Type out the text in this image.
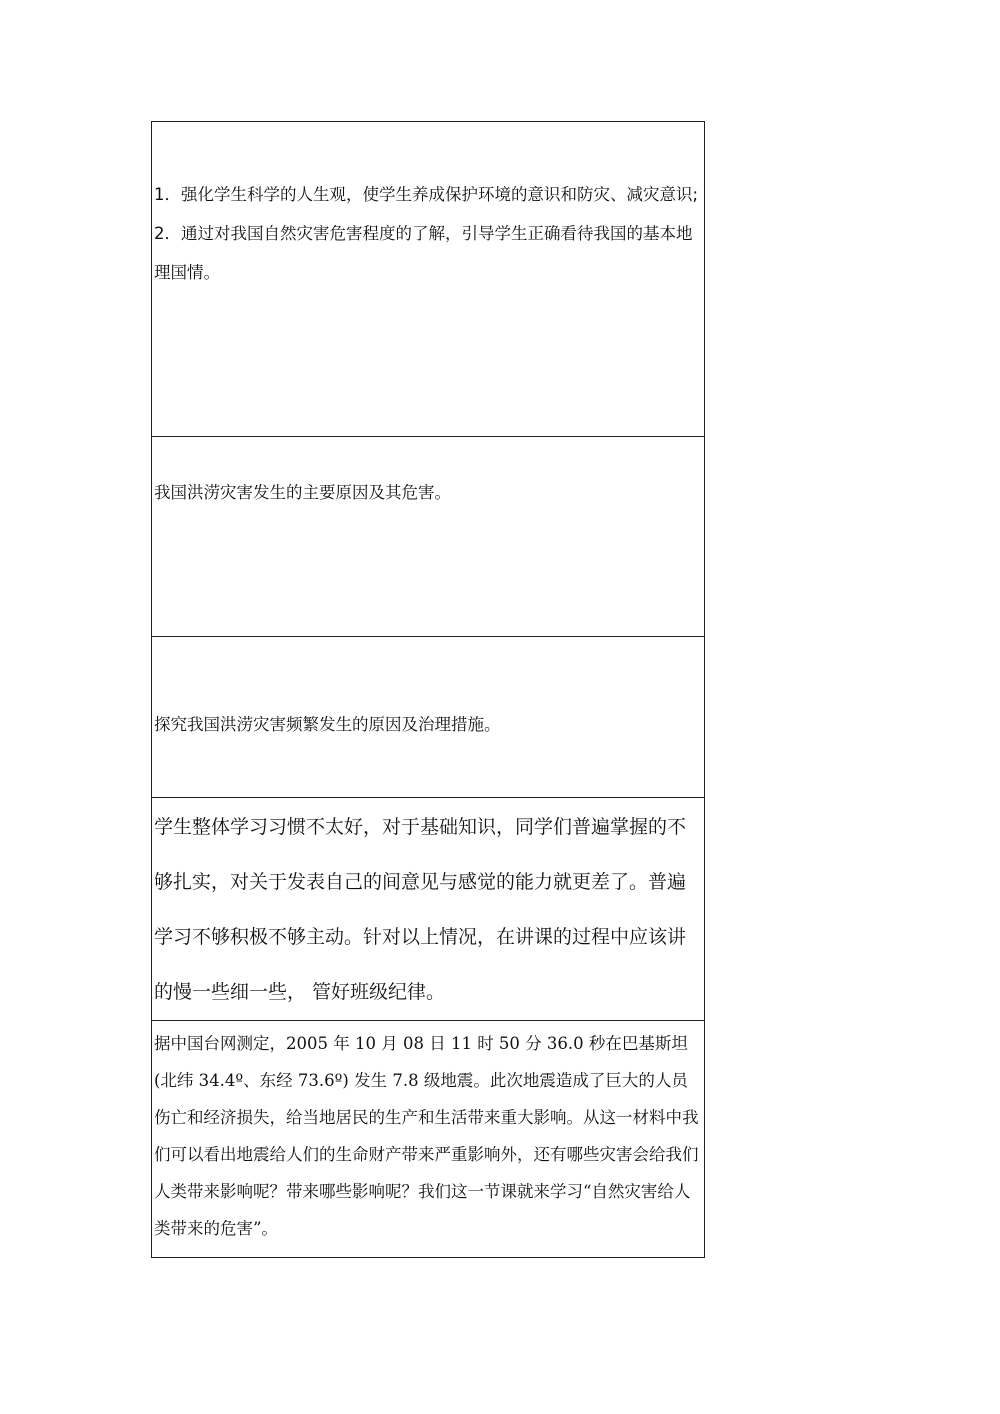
1．强化学生科学的人生观，使学生养成保护环境的意识和防灾、减灾意识;

2．通过对我国自然灾害危害程度的了解，引导学生正确看待我国的基本地理国情。

我国洪涝灾害发生的主要原因及其危害。

探究我国洪涝灾害频繁发生的原因及治理措施。

学生整体学习习惯不太好，对于基础知识，同学们普遍掌握的不够扎实，对关于发表自己的间意见与感觉的能力就更差了。普遍学习不够积极不够主动。针对以上情况，在讲课的过程中应该讲的慢一些细一些， 管好班级纪律。

据中国台网测定，2005 年 10 月 08 日 11 时 50 分 36.0 秒在巴基斯坦(北纬 34.4º、东经 73.6º) 发生 7.8 级地震。此次地震造成了巨大的人员伤亡和经济损失，给当地居民的生产和生活带来重大影响。从这一材料中我们可以看出地震给人们的生命财产带来严重影响外，还有哪些灾害会给我们人类带来影响呢？带来哪些影响呢？我们这一节课就来学习“自然灾害给人类带来的危害”。
